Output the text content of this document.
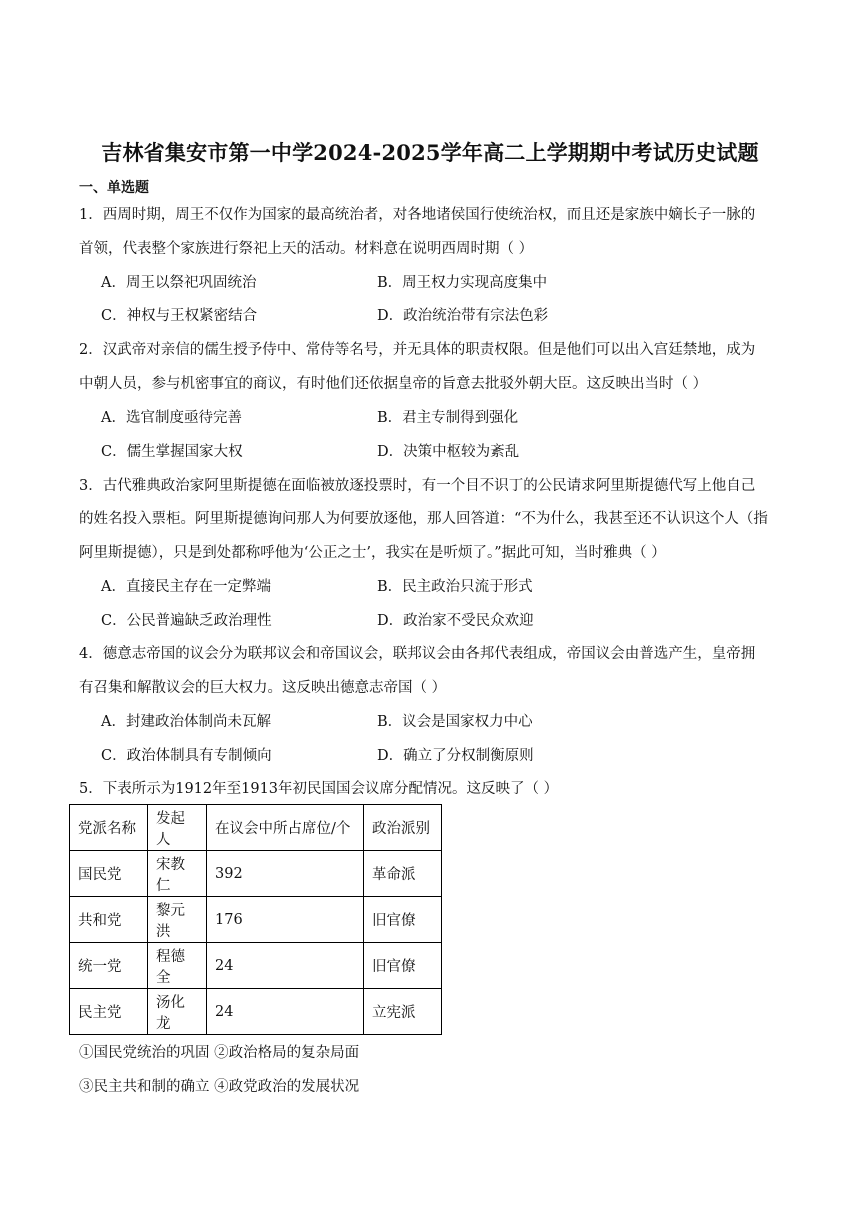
吉林省集安市第一中学2024-2025学年高二上学期期中考试历史试题
一、单选题
1．西周时期，周王不仅作为国家的最高统治者，对各地诸侯国行使统治权，而且还是家族中嫡长子一脉的
首领，代表整个家族进行祭祀上天的活动。材料意在说明西周时期（ ）
A．周王以祭祀巩固统治	B．周王权力实现高度集中
C．神权与王权紧密结合	D．政治统治带有宗法色彩
2．汉武帝对亲信的儒生授予侍中、常侍等名号，并无具体的职责权限。但是他们可以出入宫廷禁地，成为
中朝人员，参与机密事宜的商议，有时他们还依据皇帝的旨意去批驳外朝大臣。这反映出当时（ ）
A．选官制度亟待完善	B．君主专制得到强化
C．儒生掌握国家大权	D．决策中枢较为紊乱
3．古代雅典政治家阿里斯提德在面临被放逐投票时，有一个目不识丁的公民请求阿里斯提德代写上他自己
的姓名投入票柜。阿里斯提德询问那人为何要放逐他，那人回答道：“不为什么，我甚至还不认识这个人（指
阿里斯提德），只是到处都称呼他为‘公正之士’，我实在是听烦了。”据此可知，当时雅典（ ）
A．直接民主存在一定弊端	B．民主政治只流于形式
C．公民普遍缺乏政治理性	D．政治家不受民众欢迎
4．德意志帝国的议会分为联邦议会和帝国议会，联邦议会由各邦代表组成，帝国议会由普选产生，皇帝拥
有召集和解散议会的巨大权力。这反映出德意志帝国（ ）
A．封建政治体制尚未瓦解	B．议会是国家权力中心
C．政治体制具有专制倾向	D．确立了分权制衡原则
5．下表所示为1912年至1913年初民国国会议席分配情况。这反映了（ ）
党派名称	发起人	在议会中所占席位/个	政治派别
国民党	宋教仁	392	革命派
共和党	黎元洪	176	旧官僚
统一党	程德全	24	旧官僚
民主党	汤化龙	24	立宪派
①国民党统治的巩固 ②政治格局的复杂局面
③民主共和制的确立 ④政党政治的发展状况
